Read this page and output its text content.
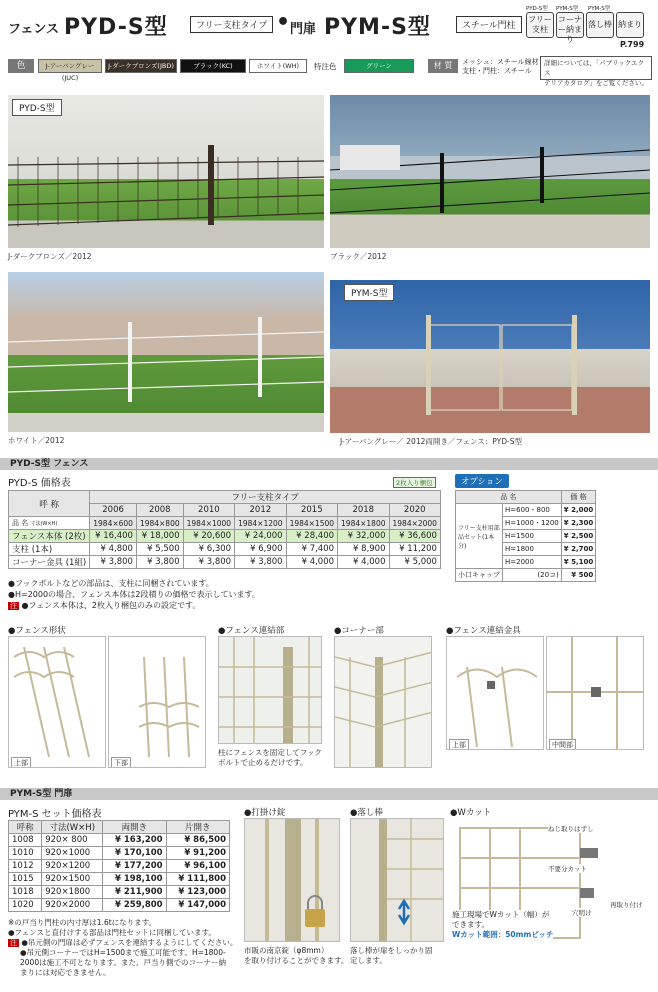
フェンス PYD-S型	フリー支柱タイプ •
門扉 PYM-S型	スチール門柱
PYD-S型 PYM-S型 PYM-S型
フリー支柱
コーナー納まり
落し棒 納まり
P.799
色	J-アーバングレー(JUC)
J-ダークブロンズ(JBD)	ブラック(KC)	ホワイト(WH)	特注色	グリーン	材 質	メッシュ：スチール線材
支柱・門柱：スチール
詳細については、「パブリックエクス
テリアカタログ」をご覧ください。
PYD-S型
J-ダークブロンズ／2012	ブラック／2012
ホワイト／2012
PYM-S型
J-アーバングレー／ 2012両開き／フェンス：PYD-S型
PYD-S型 フェンス
PYD-S 価格表	2枚入り梱包
呼 称	フリー支柱タイプ						
	2006	2008	2010	2012	2015	2018	2020
品 名 寸法(W×H)	1984×600	1984×800	1984×1000	1984×1200	1984×1500	1984×1800	1984×2000
フェンス本体 (2枚)	¥ 16,400	¥ 18,000	¥ 20,600	¥ 24,000	¥ 28,400	¥ 32,000	¥ 36,600
支柱 (1本)	¥ 4,800	¥ 5,500	¥ 6,300	¥ 6,900	¥ 7,400	¥ 8,900	¥ 11,200
コーナー金具 (1組)	¥ 3,800	¥ 3,800	¥ 3,800	¥ 3,800	¥ 4,000	¥ 4,000	¥ 5,000
●フックボルトなどの部品は、支柱に同梱されています。
●H=2000の場合、フェンス本体は2段積りの価格で表示しています。
注 ●フェンス本体は、2枚入り梱包のみの設定です。
オプション
品 名		価 格
フリー支柱用部品セット(1本分)	H=600・800	¥ 2,000
	H=1000・1200	¥ 2,300
	H=1500	¥ 2,500
	H=1800	¥ 2,700
	H=2000	¥ 5,100
小口キャップ	(20コ)	¥ 500
●フェンス形状	●フェンス連結部	●コーナー部	●フェンス連結金具
上部	下部
柱にフェンスを固定してフックボルトで止めるだけです。
上部	中間部
PYM-S型 門扉
PYM-S セット価格表
呼称	寸法(W×H)	両開き	片開き
1008	920× 800	¥ 163,200	¥ 86,500
1010	920×1000	¥ 170,100	¥ 91,200
1012	920×1200	¥ 177,200	¥ 96,100
1015	920×1500	¥ 198,100	¥ 111,800
1018	920×1800	¥ 211,900	¥ 123,000
1020	920×2000	¥ 259,800	¥ 147,000
※の戸当り門柱の内寸厚は1.6tになります。
●フェンスと直付けする部品は門柱セットに同梱しています。
注 ●吊元側の門扉は必ずフェンスを連結するようにしてください。
●吊元側コーナーではH=1500まで施工可能です。H=1800-
2000は施工不可となります。また、戸当り側でのコーナー納
まりには対応できません。
●打掛け錠
市販の南京錠（φ8mm）
を取り付けることができます。
●落し棒
落し棒が扉をしっかり固
定します。
●Wカット
ねじ取りはずし
不要分カット
穴明け
再取り付け
施工現場でWカット（幅）が
できます。
Wカット範囲：50mmピッチ
